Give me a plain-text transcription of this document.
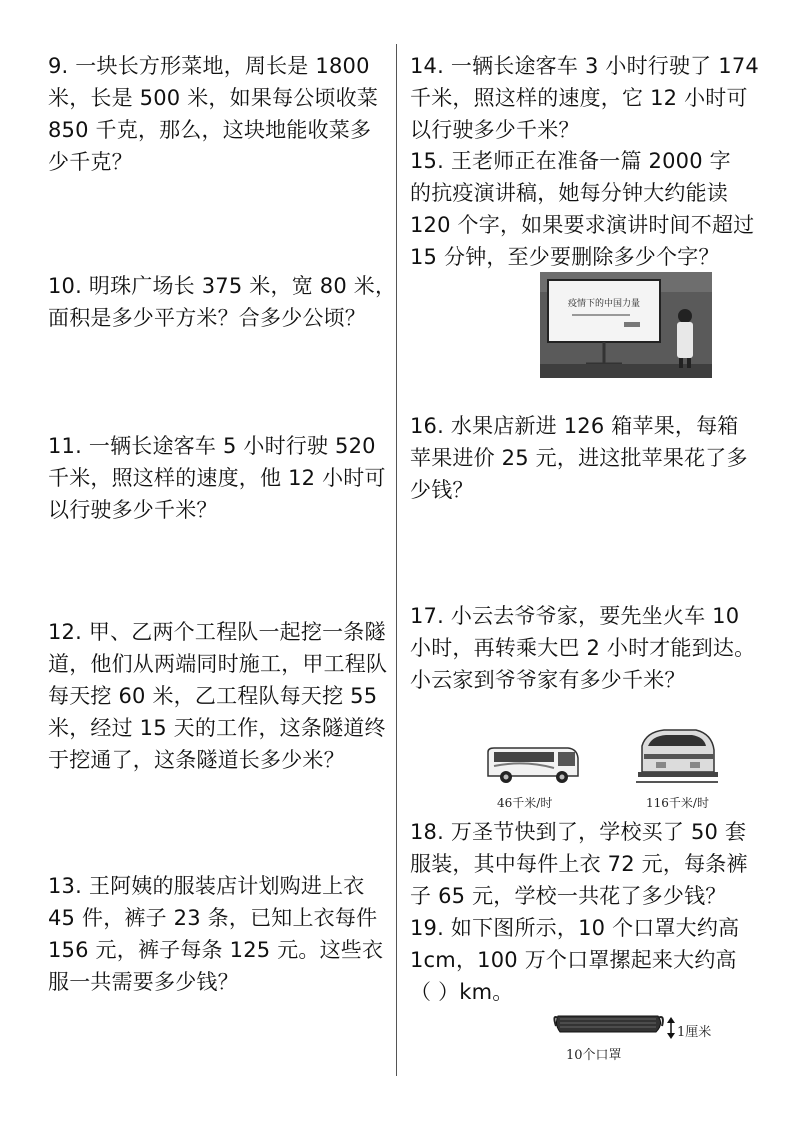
9. 一块长方形菜地，周长是 1800
米，长是 500 米，如果每公顷收菜
850 千克，那么，这块地能收菜多
少千克？
10. 明珠广场长 375 米，宽 80 米，
面积是多少平方米？合多少公顷？
11. 一辆长途客车 5 小时行驶 520
千米，照这样的速度，他 12 小时可
以行驶多少千米？
12. 甲、乙两个工程队一起挖一条隧
道，他们从两端同时施工，甲工程队
每天挖 60 米，乙工程队每天挖 55
米，经过 15 天的工作，这条隧道终
于挖通了，这条隧道长多少米？
13. 王阿姨的服装店计划购进上衣
45 件，裤子 23 条，已知上衣每件
156 元，裤子每条 125 元。这些衣
服一共需要多少钱？
14. 一辆长途客车 3 小时行驶了 174
千米，照这样的速度，它 12 小时可
以行驶多少千米？
15. 王老师正在准备一篇 2000 字
的抗疫演讲稿，她每分钟大约能读
120 个字，如果要求演讲时间不超过
15 分钟，至少要删除多少个字？
疫情下的中国力量
16. 水果店新进 126 箱苹果，每箱
苹果进价 25 元，进这批苹果花了多
少钱？
17. 小云去爷爷家，要先坐火车 10
小时，再转乘大巴 2 小时才能到达。
小云家到爷爷家有多少千米？
46千米/时	116千米/时
18. 万圣节快到了，学校买了 50 套
服装，其中每件上衣 72 元，每条裤
子 65 元，学校一共花了多少钱？
19. 如下图所示，10 个口罩大约高
1cm，100 万个口罩摞起来大约高
（ ）km。
1厘米
10个口罩
